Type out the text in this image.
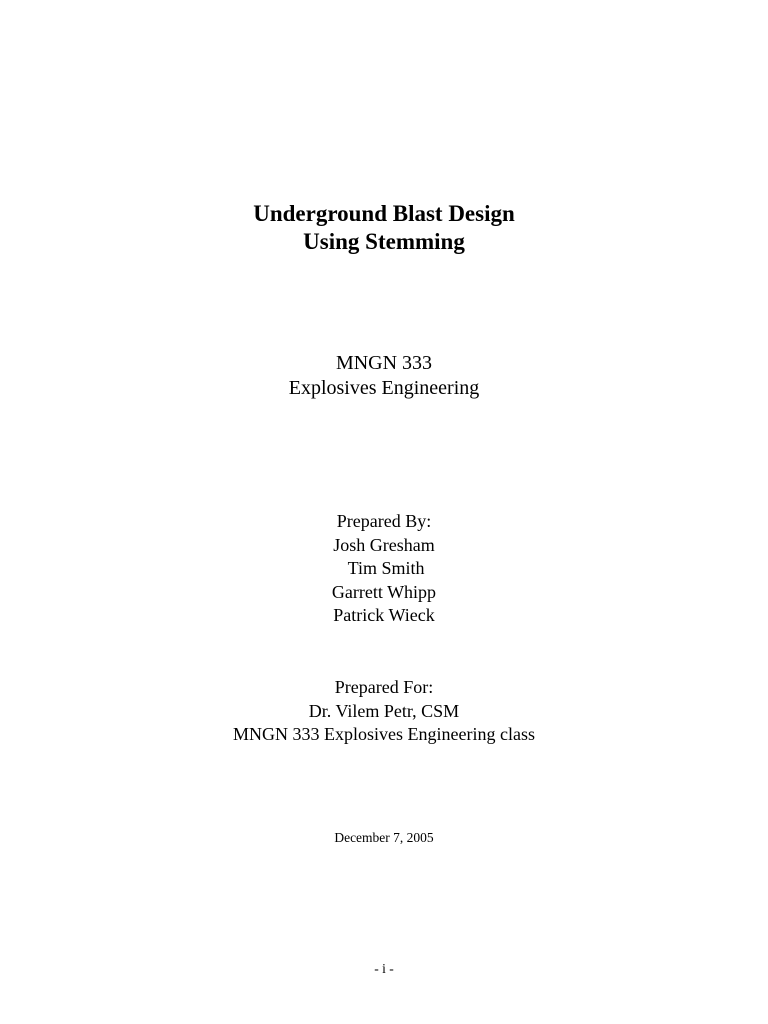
Underground Blast Design
Using Stemming
MNGN 333
Explosives Engineering
Prepared By:
Josh Gresham
Tim Smith
Garrett Whipp
Patrick Wieck
Prepared For:
Dr. Vilem Petr, CSM
MNGN 333 Explosives Engineering class
December 7, 2005
- i -
